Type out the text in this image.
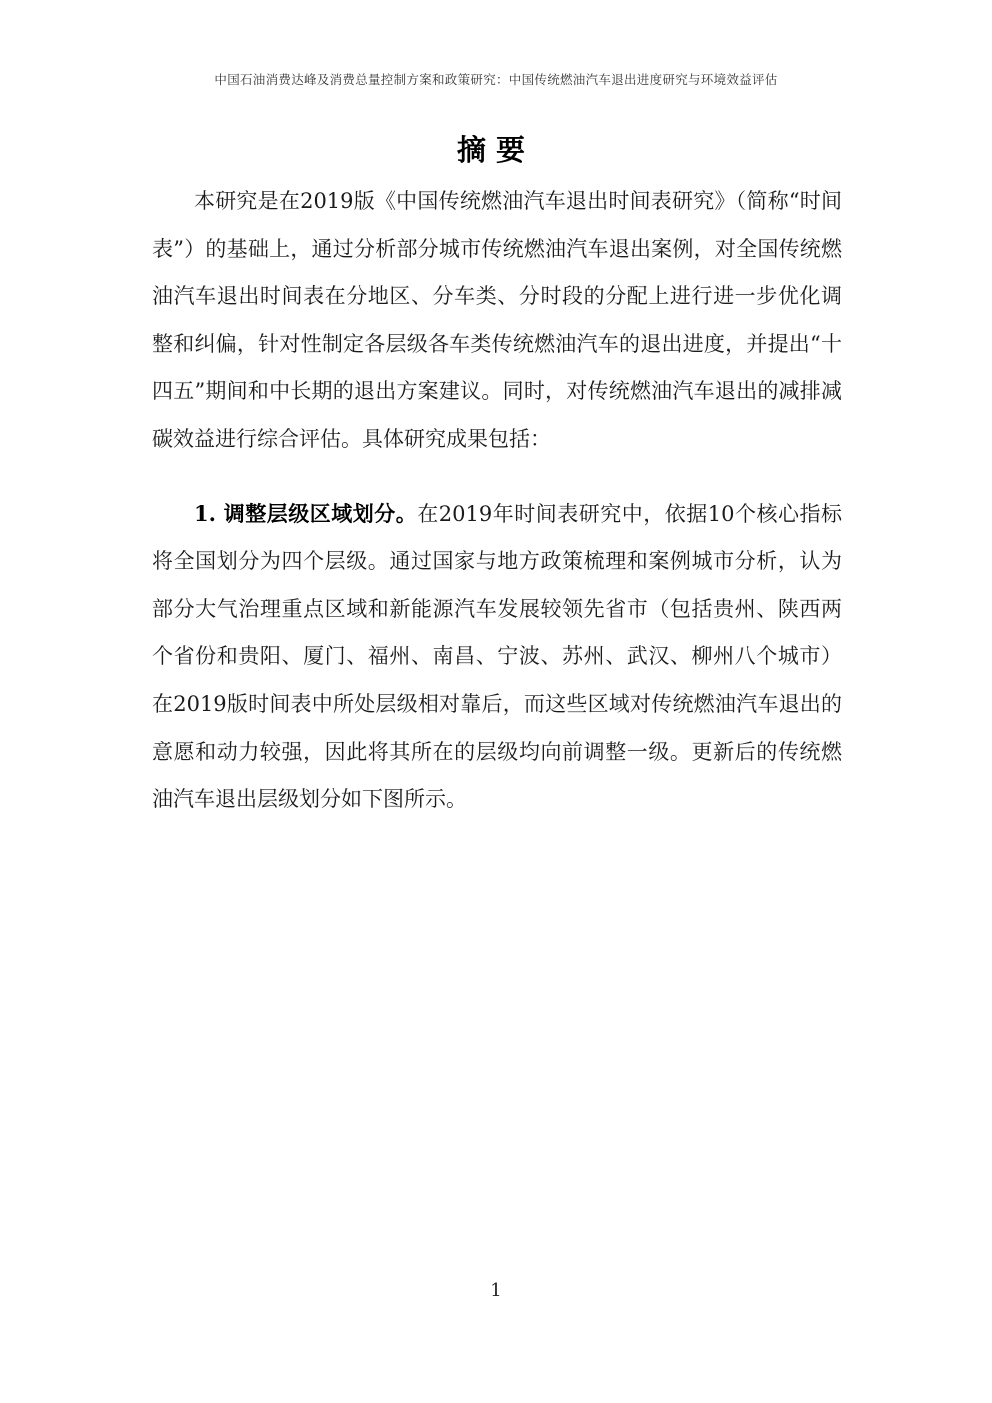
中国石油消费达峰及消费总量控制方案和政策研究：中国传统燃油汽车退出进度研究与环境效益评估
摘要

本研究是在2019版《中国传统燃油汽车退出时间表研究》（简称“时间表”）的基础上，通过分析部分城市传统燃油汽车退出案例，对全国传统燃油汽车退出时间表在分地区、分车类、分时段的分配上进行进一步优化调整和纠偏，针对性制定各层级各车类传统燃油汽车的退出进度，并提出“十四五”期间和中长期的退出方案建议。同时，对传统燃油汽车退出的减排减碳效益进行综合评估。具体研究成果包括：

1. 调整层级区域划分。在2019年时间表研究中，依据10个核心指标将全国划分为四个层级。通过国家与地方政策梳理和案例城市分析，认为部分大气治理重点区域和新能源汽车发展较领先省市（包括贵州、陕西两个省份和贵阳、厦门、福州、南昌、宁波、苏州、武汉、柳州八个城市）在2019版时间表中所处层级相对靠后，而这些区域对传统燃油汽车退出的意愿和动力较强，因此将其所在的层级均向前调整一级。更新后的传统燃油汽车退出层级划分如下图所示。

1
